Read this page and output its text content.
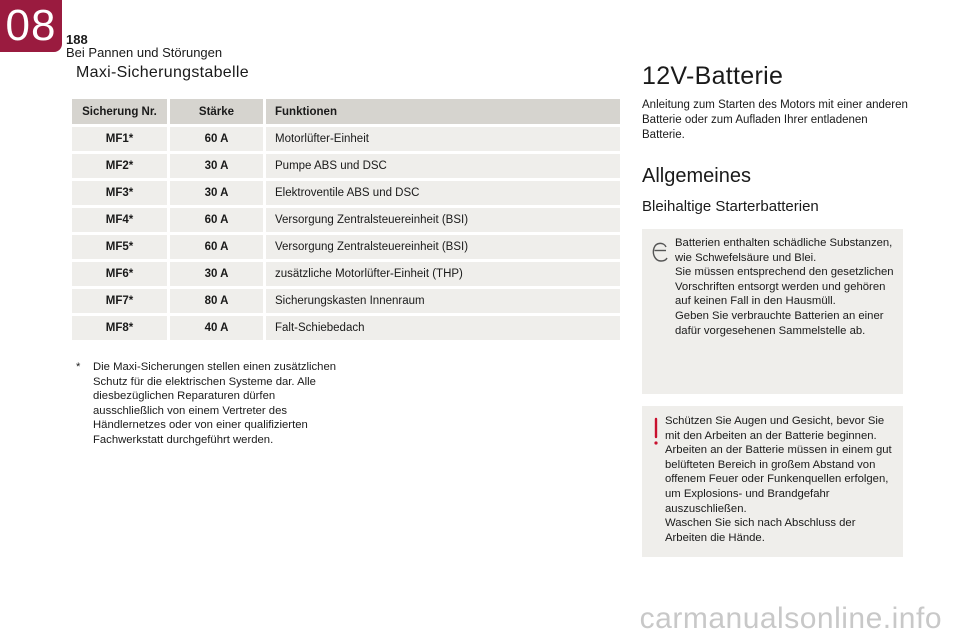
08 188
Bei Pannen und Störungen
Maxi-Sicherungstabelle
Sicherung Nr.	Stärke	Funktionen
MF1*	60 A	Motorlüfter-Einheit
MF2*	30 A	Pumpe ABS und DSC
MF3*	30 A	Elektroventile ABS und DSC
MF4*	60 A	Versorgung Zentralsteuereinheit (BSI)
MF5*	60 A	Versorgung Zentralsteuereinheit (BSI)
MF6*	30 A	zusätzliche Motorlüfter-Einheit (THP)
MF7*	80 A	Sicherungskasten Innenraum
MF8*	40 A	Falt-Schiebedach
* Die Maxi-Sicherungen stellen einen zusätzlichen Schutz für die elektrischen Systeme dar. Alle diesbezüglichen Reparaturen dürfen ausschließlich von einem Vertreter des Händlernetzes oder von einer qualifizierten Fachwerkstatt durchgeführt werden.
12V-Batterie
Anleitung zum Starten des Motors mit einer anderen Batterie oder zum Aufladen Ihrer entladenen Batterie.
Allgemeines
Bleihaltige Starterbatterien
Batterien enthalten schädliche Substanzen, wie Schwefelsäure und Blei.
Sie müssen entsprechend den gesetzlichen Vorschriften entsorgt werden und gehören auf keinen Fall in den Hausmüll.
Geben Sie verbrauchte Batterien an einer dafür vorgesehenen Sammelstelle ab.
Schützen Sie Augen und Gesicht, bevor Sie mit den Arbeiten an der Batterie beginnen.
Arbeiten an der Batterie müssen in einem gut belüfteten Bereich in großem Abstand von offenem Feuer oder Funkenquellen erfolgen, um Explosions- und Brandgefahr auszuschließen.
Waschen Sie sich nach Abschluss der Arbeiten die Hände.
carmanualsonline.info
